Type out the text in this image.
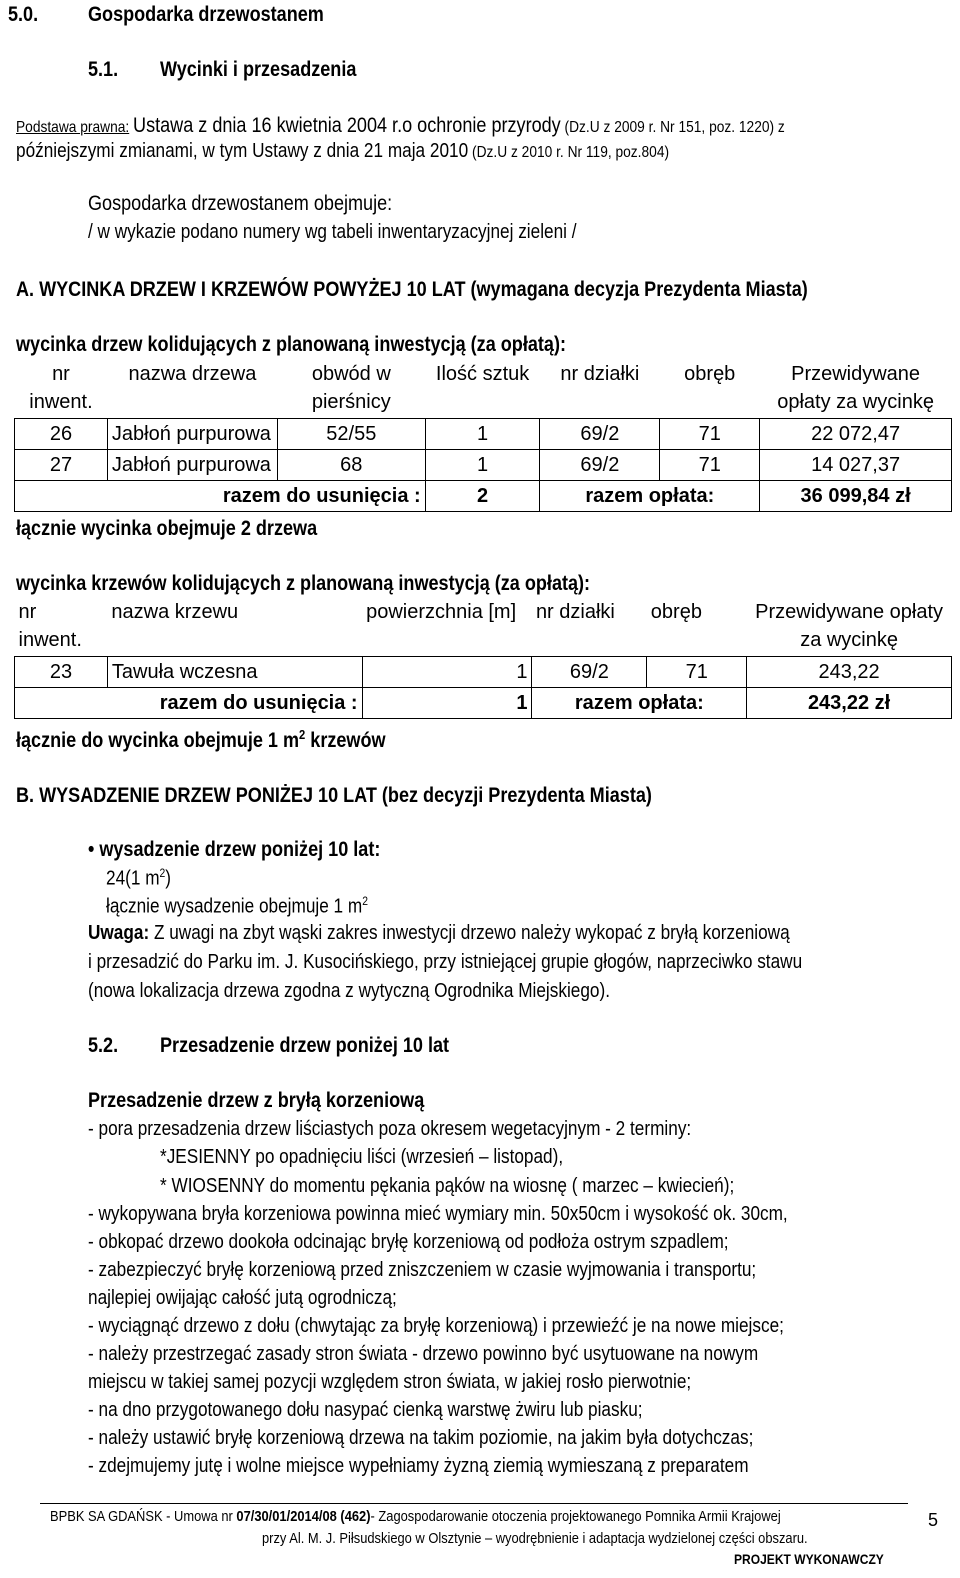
5.0. Gospodarka drzewostanem
5.1. Wycinki i przesadzenia
Podstawa prawna: Ustawa z dnia 16 kwietnia 2004 r.o ochronie przyrody (Dz.U z 2009 r. Nr 151, poz. 1220) z
późniejszymi zmianami, w tym Ustawy z dnia 21 maja 2010 (Dz.U z 2010 r. Nr 119, poz.804)
Gospodarka drzewostanem obejmuje:
/ w wykazie podano numery wg tabeli inwentaryzacyjnej zieleni /
A. WYCINKA DRZEW I KRZEWÓW POWYŻEJ 10 LAT (wymagana decyzja Prezydenta Miasta)
wycinka drzew kolidujących z planowaną inwestycją (za opłatą):
nr inwent.	nazwa drzewa	obwód w pierśnicy	Ilość sztuk	nr działki	obręb	Przewidywane opłaty za wycinkę
26	Jabłoń purpurowa	52/55	1	69/2	71	22 072,47
27	Jabłoń purpurowa	68	1	69/2	71	14 027,37
razem do usunięcia :			2	razem opłata:		36 099,84 zł
łącznie wycinka obejmuje 2 drzewa
wycinka krzewów kolidujących z planowaną inwestycją (za opłatą):
nr inwent.	nazwa krzewu	powierzchnia [m]	nr działki	obręb	Przewidywane opłaty za wycinkę
23	Tawuła wczesna	1	69/2	71	243,22
razem do usunięcia :		1	razem opłata:		243,22 zł
łącznie do wycinka obejmuje 1 $m^2$ krzewów
B. WYSADZENIE DRZEW PONIŻEJ 10 LAT (bez decyzji Prezydenta Miasta)
• wysadzenie drzew poniżej 10 lat:
24(1 $m^2$)
łącznie wysadzenie obejmuje 1 $m^2$
Uwaga: Z uwagi na zbyt wąski zakres inwestycji drzewo należy wykopać z bryłą korzeniową
i przesadzić do Parku im. J. Kusocińskiego, przy istniejącej grupie głogów, naprzeciwko stawu
(nowa lokalizacja drzewa zgodna z wytyczną Ogrodnika Miejskiego).
5.2. Przesadzenie drzew poniżej 10 lat
Przesadzenie drzew z bryłą korzeniową
- pora przesadzenia drzew liściastych poza okresem wegetacyjnym - 2 terminy:
*JESIENNY po opadnięciu liści (wrzesień – listopad),
* WIOSENNY do momentu pękania pąków na wiosnę ( marzec – kwiecień);
- wykopywana bryła korzeniowa powinna mieć wymiary min. 50x50cm i wysokość ok. 30cm,
- obkopać drzewo dookoła odcinając bryłę korzeniową od podłoża ostrym szpadlem;
- zabezpieczyć bryłę korzeniową przed zniszczeniem w czasie wyjmowania i transportu;
najlepiej owijając całość jutą ogrodniczą;
- wyciągnąć drzewo z dołu (chwytając za bryłę korzeniową) i przewieźć je na nowe miejsce;
- należy przestrzegać zasady stron świata - drzewo powinno być usytuowane na nowym
miejscu w takiej samej pozycji względem stron świata, w jakiej rosło pierwotnie;
- na dno przygotowanego dołu nasypać cienką warstwę żwiru lub piasku;
- należy ustawić bryłę korzeniową drzewa na takim poziomie, na jakim była dotychczas;
- zdejmujemy jutę i wolne miejsce wypełniamy żyzną ziemią wymieszaną z preparatem
BPBK SA GDAŃSK - Umowa nr 07/30/01/2014/08 (462)- Zagospodarowanie otoczenia projektowanego Pomnika Armii Krajowej
przy Al. M. J. Piłsudskiego w Olsztynie – wyodrębnienie i adaptacja wydzielonej części obszaru.
PROJEKT WYKONAWCZY
5
